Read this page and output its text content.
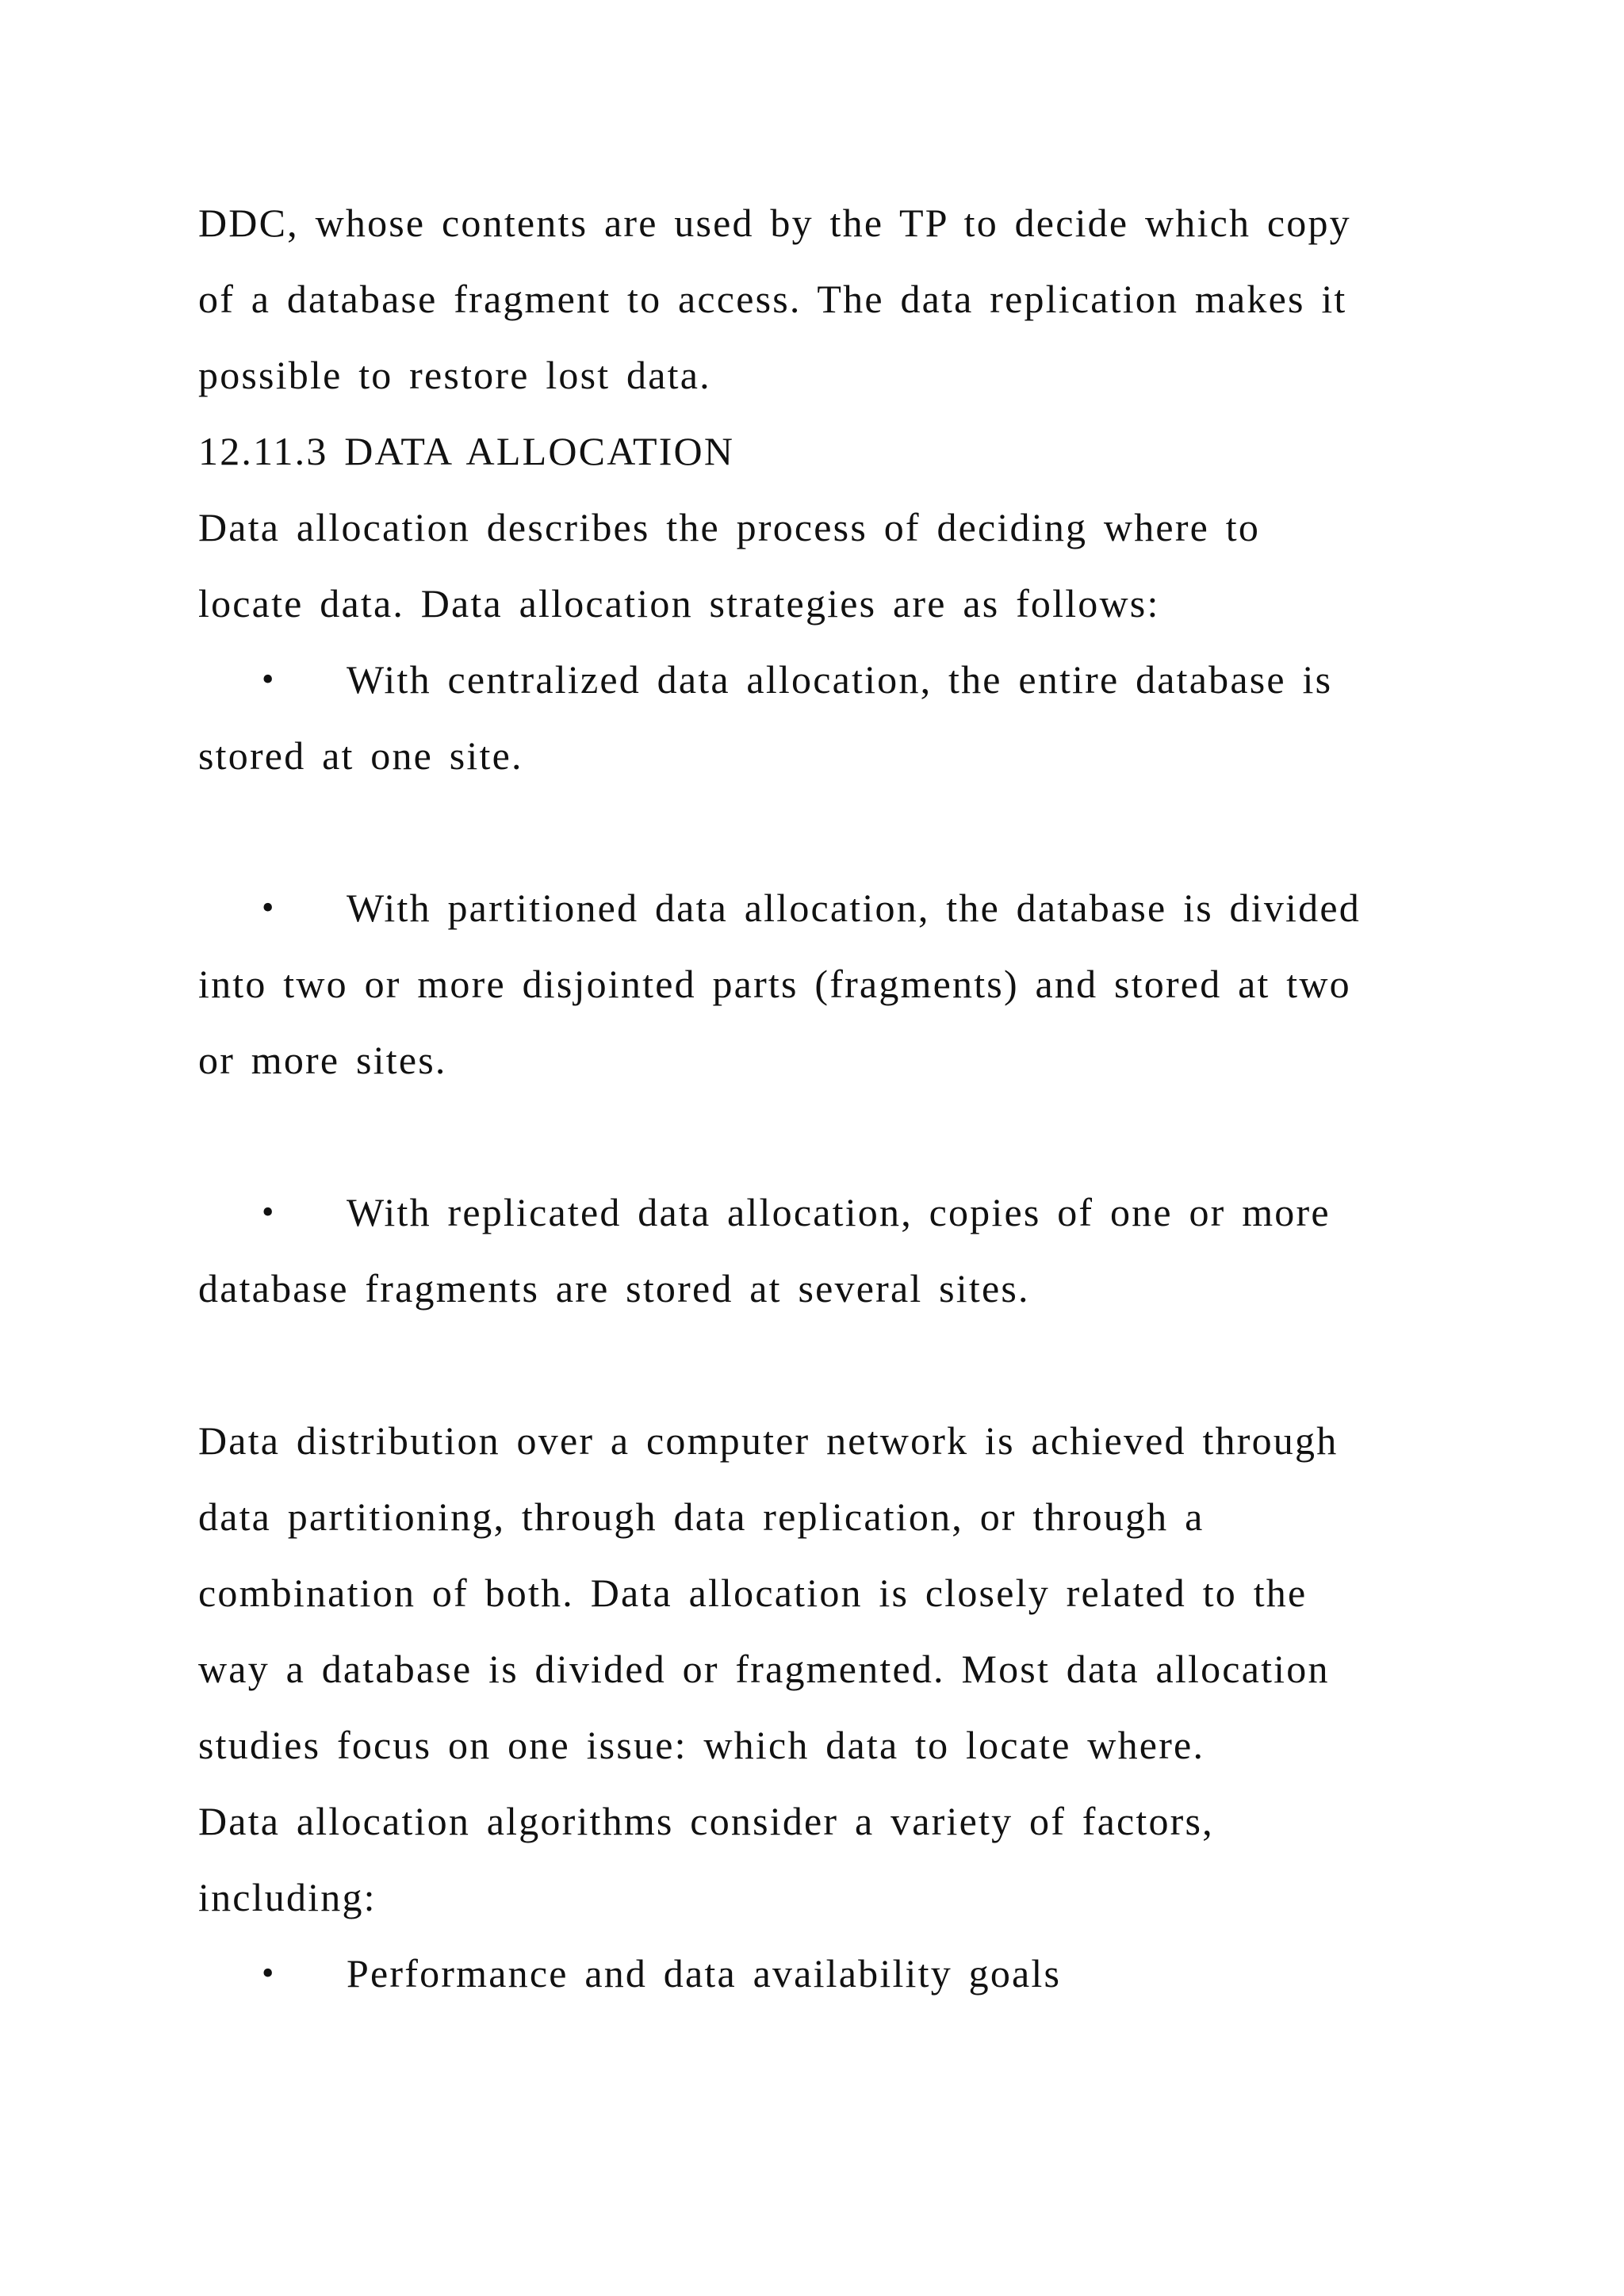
DDC, whose contents are used by the TP to decide which copy
of a database fragment to access. The data replication makes it
possible to restore lost data.
12.11.3 DATA ALLOCATION
Data allocation describes the process of deciding where to
locate data. Data allocation strategies are as follows:
• With centralized data allocation, the entire database is
stored at one site.
• With partitioned data allocation, the database is divided
into two or more disjointed parts (fragments) and stored at two
or more sites.
• With replicated data allocation, copies of one or more
database fragments are stored at several sites.
Data distribution over a computer network is achieved through
data partitioning, through data replication, or through a
combination of both. Data allocation is closely related to the
way a database is divided or fragmented. Most data allocation
studies focus on one issue: which data to locate where.
Data allocation algorithms consider a variety of factors,
including:
• Performance and data availability goals
